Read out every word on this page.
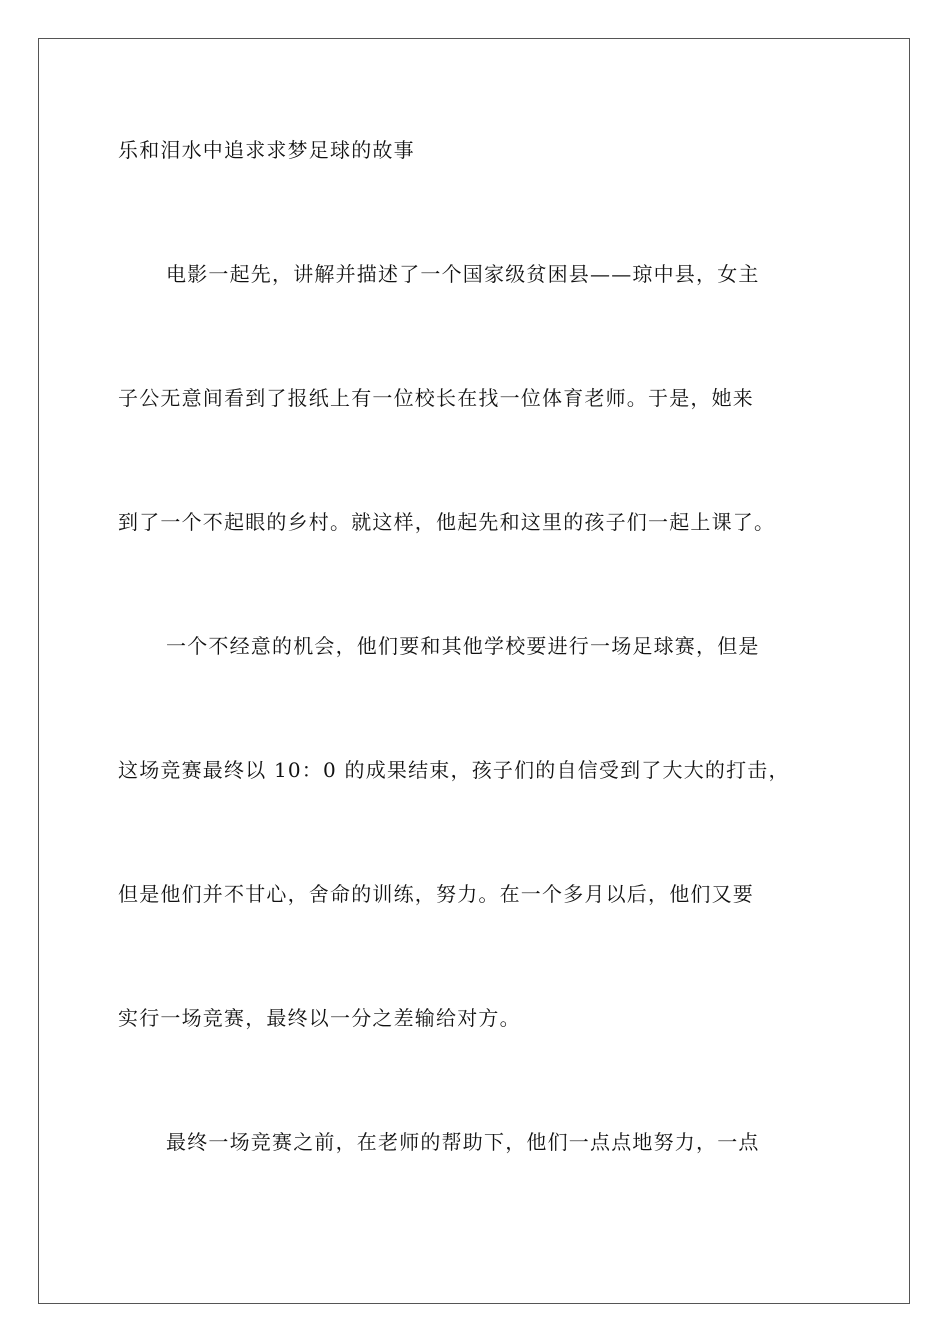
乐和泪水中追求求梦足球的故事
电影一起先，讲解并描述了一个国家级贫困县——琼中县，女主
子公无意间看到了报纸上有一位校长在找一位体育老师。于是，她来
到了一个不起眼的乡村。就这样，他起先和这里的孩子们一起上课了。
一个不经意的机会，他们要和其他学校要进行一场足球赛，但是
这场竞赛最终以 10：0 的成果结束，孩子们的自信受到了大大的打击，
但是他们并不甘心，舍命的训练，努力。在一个多月以后，他们又要
实行一场竞赛，最终以一分之差输给对方。
最终一场竞赛之前，在老师的帮助下，他们一点点地努力，一点
